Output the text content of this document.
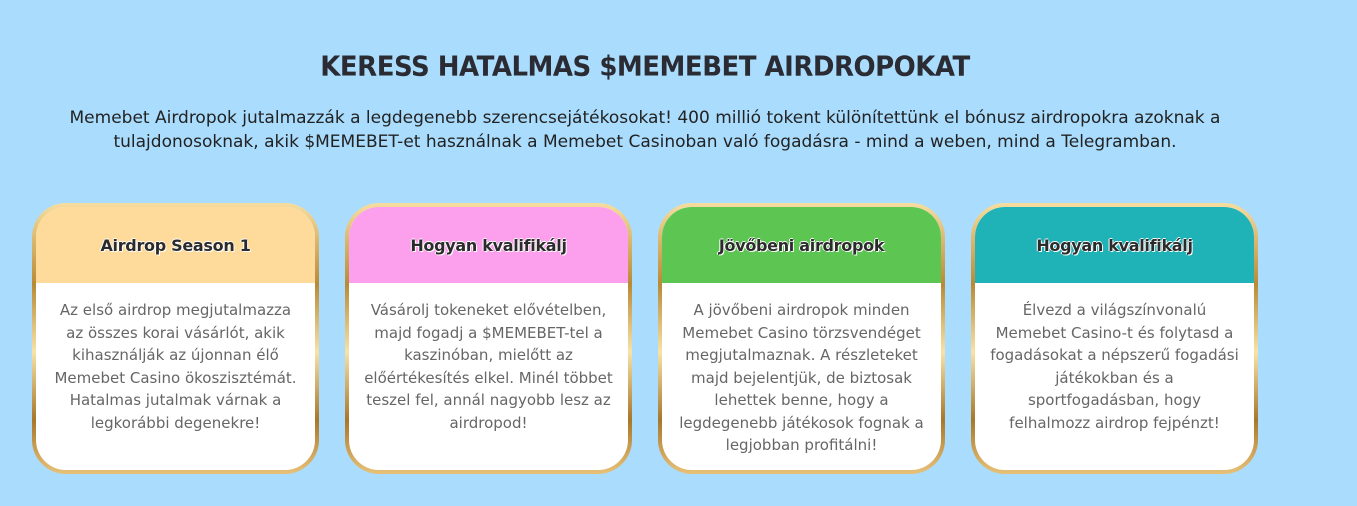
KERESS HATALMAS $MEMEBET AIRDROPOKAT
Memebet Airdropok jutalmazzák a legdegenebb szerencsejátékosokat! 400 millió tokent különítettünk el bónusz airdropokra azoknak a
tulajdonosoknak, akik $MEMEBET-et használnak a Memebet Casinoban való fogadásra - mind a weben, mind a Telegramban.
Airdrop Season 1
Az első airdrop megjutalmazza az összes korai vásárlót, akik kihasználják az újonnan élő Memebet Casino ökoszisztémát. Hatalmas jutalmak várnak a legkorábbi degenekre!
Hogyan kvalifikálj
Vásárolj tokeneket elővételben, majd fogadj a $MEMEBET-tel a kaszinóban, mielőtt az előértékesítés elkel. Minél többet teszel fel, annál nagyobb lesz az airdropod!
Jövőbeni airdropok
A jövőbeni airdropok minden Memebet Casino törzsvendéget megjutalmaznak. A részleteket majd bejelentjük, de biztosak lehettek benne, hogy a legdegenebb játékosok fognak a legjobban profitálni!
Hogyan kvalifikálj
Élvezd a világszínvonalú Memebet Casino-t és folytasd a fogadásokat a népszerű fogadási játékokban és a sportfogadásban, hogy felhalmozz airdrop fejpénzt!
